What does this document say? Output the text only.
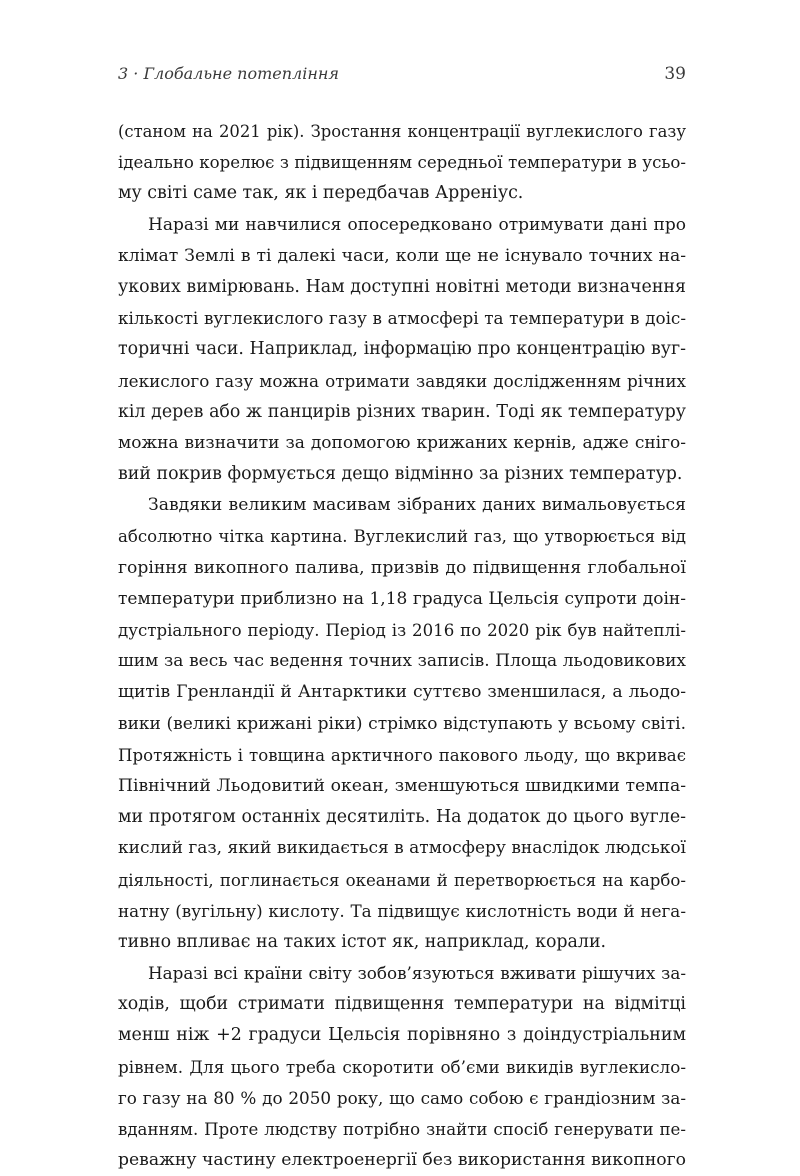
3 · Глобальне потепління	39
(станом на 2021 рік). Зростання концентрації вуглекислого газу
ідеально корелює з підвищенням середньої температури в усьо-
му світі саме так, як і передбачав Арреніус.
Наразі ми навчилися опосередковано отримувати дані про
клімат Землі в ті далекі часи, коли ще не існувало точних на-
укових вимірювань. Нам доступні новітні методи визначення
кількості вуглекислого газу в атмосфері та температури в доіс-
торичні часи. Наприклад, інформацію про концентрацію вуг-
лекислого газу можна отримати завдяки дослідженням річних
кіл дерев або ж панцирів різних тварин. Тоді як температуру
можна визначити за допомогою крижаних кернів, адже сніго-
вий покрив формується дещо відмінно за різних температур.
Завдяки великим масивам зібраних даних вимальовується
абсолютно чітка картина. Вуглекислий газ, що утворюється від
горіння викопного палива, призвів до підвищення глобальної
температури приблизно на 1,18 градуса Цельсія супроти доін-
дустріального періоду. Період із 2016 по 2020 рік був найтеплі-
шим за весь час ведення точних записів. Площа льодовикових
щитів Гренландії й Антарктики суттєво зменшилася, а льодо-
вики (великі крижані ріки) стрімко відступають у всьому світі.
Протяжність і товщина арктичного пакового льоду, що вкриває
Північний Льодовитий океан, зменшуються швидкими темпа-
ми протягом останніх десятиліть. На додаток до цього вугле-
кислий газ, який викидається в атмосферу внаслідок людської
діяльності, поглинається океанами й перетворюється на карбо-
натну (вугільну) кислоту. Та підвищує кислотність води й нега-
тивно впливає на таких істот як, наприклад, корали.
Наразі всі країни світу зобов’язуються вживати рішучих за-
ходів, щоби стримати підвищення температури на відмітці
менш ніж +2 градуси Цельсія порівняно з доіндустріальним
рівнем. Для цього треба скоротити об’єми викидів вуглекисло-
го газу на 80 % до 2050 року, що само собою є грандіозним за-
вданням. Проте людству потрібно знайти спосіб генерувати пе-
реважну частину електроенергії без використання викопного
